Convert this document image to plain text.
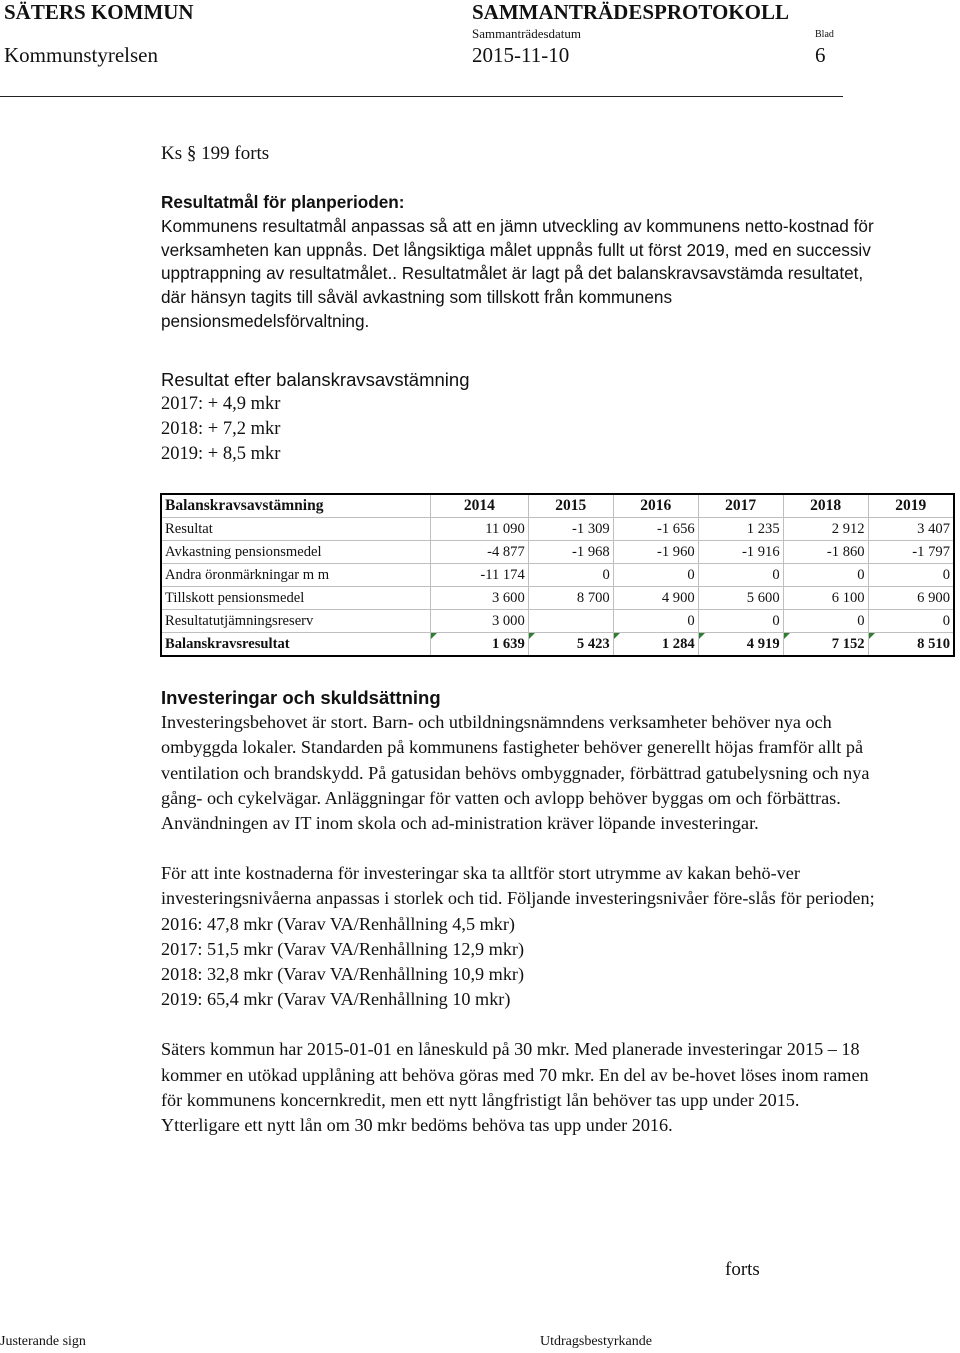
SÄTERS KOMMUN	SAMMANTRÄDESPROTOKOLL
Sammanträdesdatum	Blad
Kommunstyrelsen	2015-11-10	6
Ks § 199 forts

Resultatmål för planperioden:

Kommunens resultatmål anpassas så att en jämn utveckling av kommunens netto-kostnad för verksamheten kan uppnås. Det långsiktiga målet uppnås fullt ut först 2019, med en successiv upptrappning av resultatmålet.. Resultatmålet är lagt på det balanskravsavstämda resultatet, där hänsyn tagits till såväl avkastning som tillskott från kommunens pensionsmedelsförvaltning.

Resultat efter balanskravsavstämning
2017: + 4,9 mkr
2018: + 7,2 mkr
2019: + 8,5 mkr
Balanskravsavstämning	2014	2015	2016	2017	2018	2019
Resultat	11 090	-1 309	-1 656	1 235	2 912	3 407
Avkastning pensionsmedel	-4 877	-1 968	-1 960	-1 916	-1 860	-1 797
Andra öronmärkningar m m	-11 174	0	0	0	0	0
Tillskott pensionsmedel	3 600	8 700	4 900	5 600	6 100	6 900
Resultatutjämningsreserv	3 000		0	0	0	0
Balanskravsresultat	1 639	5 423	1 284	4 919	7 152	8 510

Investeringar och skuldsättning

Investeringsbehovet är stort. Barn- och utbildningsnämndens verksamheter behöver nya och ombyggda lokaler. Standarden på kommunens fastigheter behöver generellt höjas framför allt på ventilation och brandskydd. På gatusidan behövs ombyggnader, förbättrad gatubelysning och nya gång- och cykelvägar. Anläggningar för vatten och avlopp behöver byggas om och förbättras. Användningen av IT inom skola och ad-ministration kräver löpande investeringar.

För att inte kostnaderna för investeringar ska ta alltför stort utrymme av kakan behö-ver investeringsnivåerna anpassas i storlek och tid. Följande investeringsnivåer före-slås för perioden;

2016: 47,8 mkr (Varav VA/Renhållning 4,5 mkr)

2017: 51,5 mkr (Varav VA/Renhållning 12,9 mkr)

2018: 32,8 mkr (Varav VA/Renhållning 10,9 mkr)

2019: 65,4 mkr (Varav VA/Renhållning 10 mkr)

Säters kommun har 2015-01-01 en låneskuld på 30 mkr. Med planerade investeringar 2015 – 18 kommer en utökad upplåning att behöva göras med 70 mkr. En del av be-hovet löses inom ramen för kommunens koncernkredit, men ett nytt långfristigt lån behöver tas upp under 2015. Ytterligare ett nytt lån om 30 mkr bedöms behöva tas upp under 2016.

forts
Justerande sign	Utdragsbestyrkande
